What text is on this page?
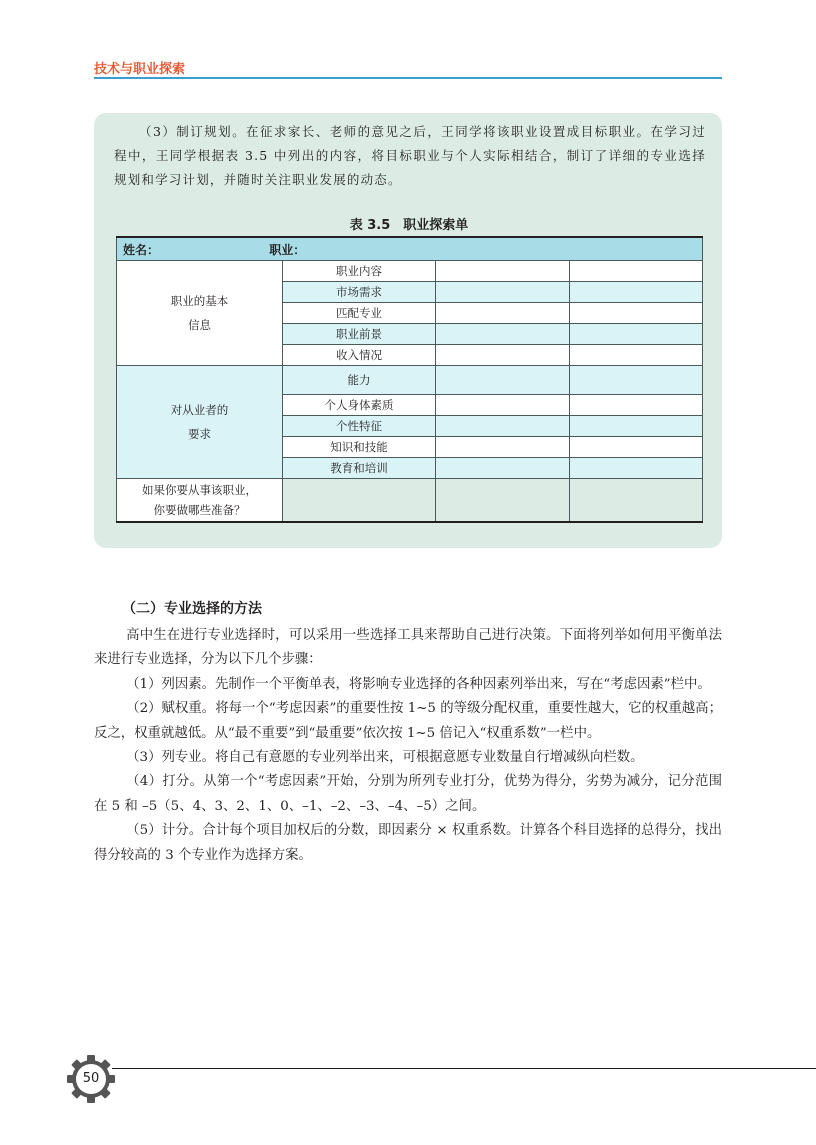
技术与职业探索

（3）制订规划。在征求家长、老师的意见之后，王同学将该职业设置成目标职业。在学习过程中，王同学根据表 3.5 中列出的内容，将目标职业与个人实际相结合，制订了详细的专业选择规划和学习计划，并随时关注职业发展的动态。

表 3.5　职业探索单
姓名： 职业：			
职业的基本
信息	职业内容		
	市场需求		
	匹配专业		
	职业前景		
	收入情况		
对从业者的
要求	能力		
	个人身体素质		
	个性特征		
	知识和技能		
	教育和培训		
如果你要从事该职业，
你要做哪些准备？			
（二）专业选择的方法

高中生在进行专业选择时，可以采用一些选择工具来帮助自己进行决策。下面将列举如何用平衡单法来进行专业选择，分为以下几个步骤：

（1）列因素。先制作一个平衡单表，将影响专业选择的各种因素列举出来，写在“考虑因素”栏中。

（2）赋权重。将每一个“考虑因素”的重要性按 1~5 的等级分配权重，重要性越大，它的权重越高；反之，权重就越低。从“最不重要”到“最重要”依次按 1~5 倍记入“权重系数”一栏中。

（3）列专业。将自己有意愿的专业列举出来，可根据意愿专业数量自行增减纵向栏数。

（4）打分。从第一个“考虑因素”开始，分别为所列专业打分，优势为得分，劣势为减分，记分范围在 5 和 –5（5、4、3、2、1、0、–1、–2、–3、–4、–5）之间。

（5）计分。合计每个项目加权后的分数，即因素分 × 权重系数。计算各个科目选择的总得分，找出得分较高的 3 个专业作为选择方案。

50
